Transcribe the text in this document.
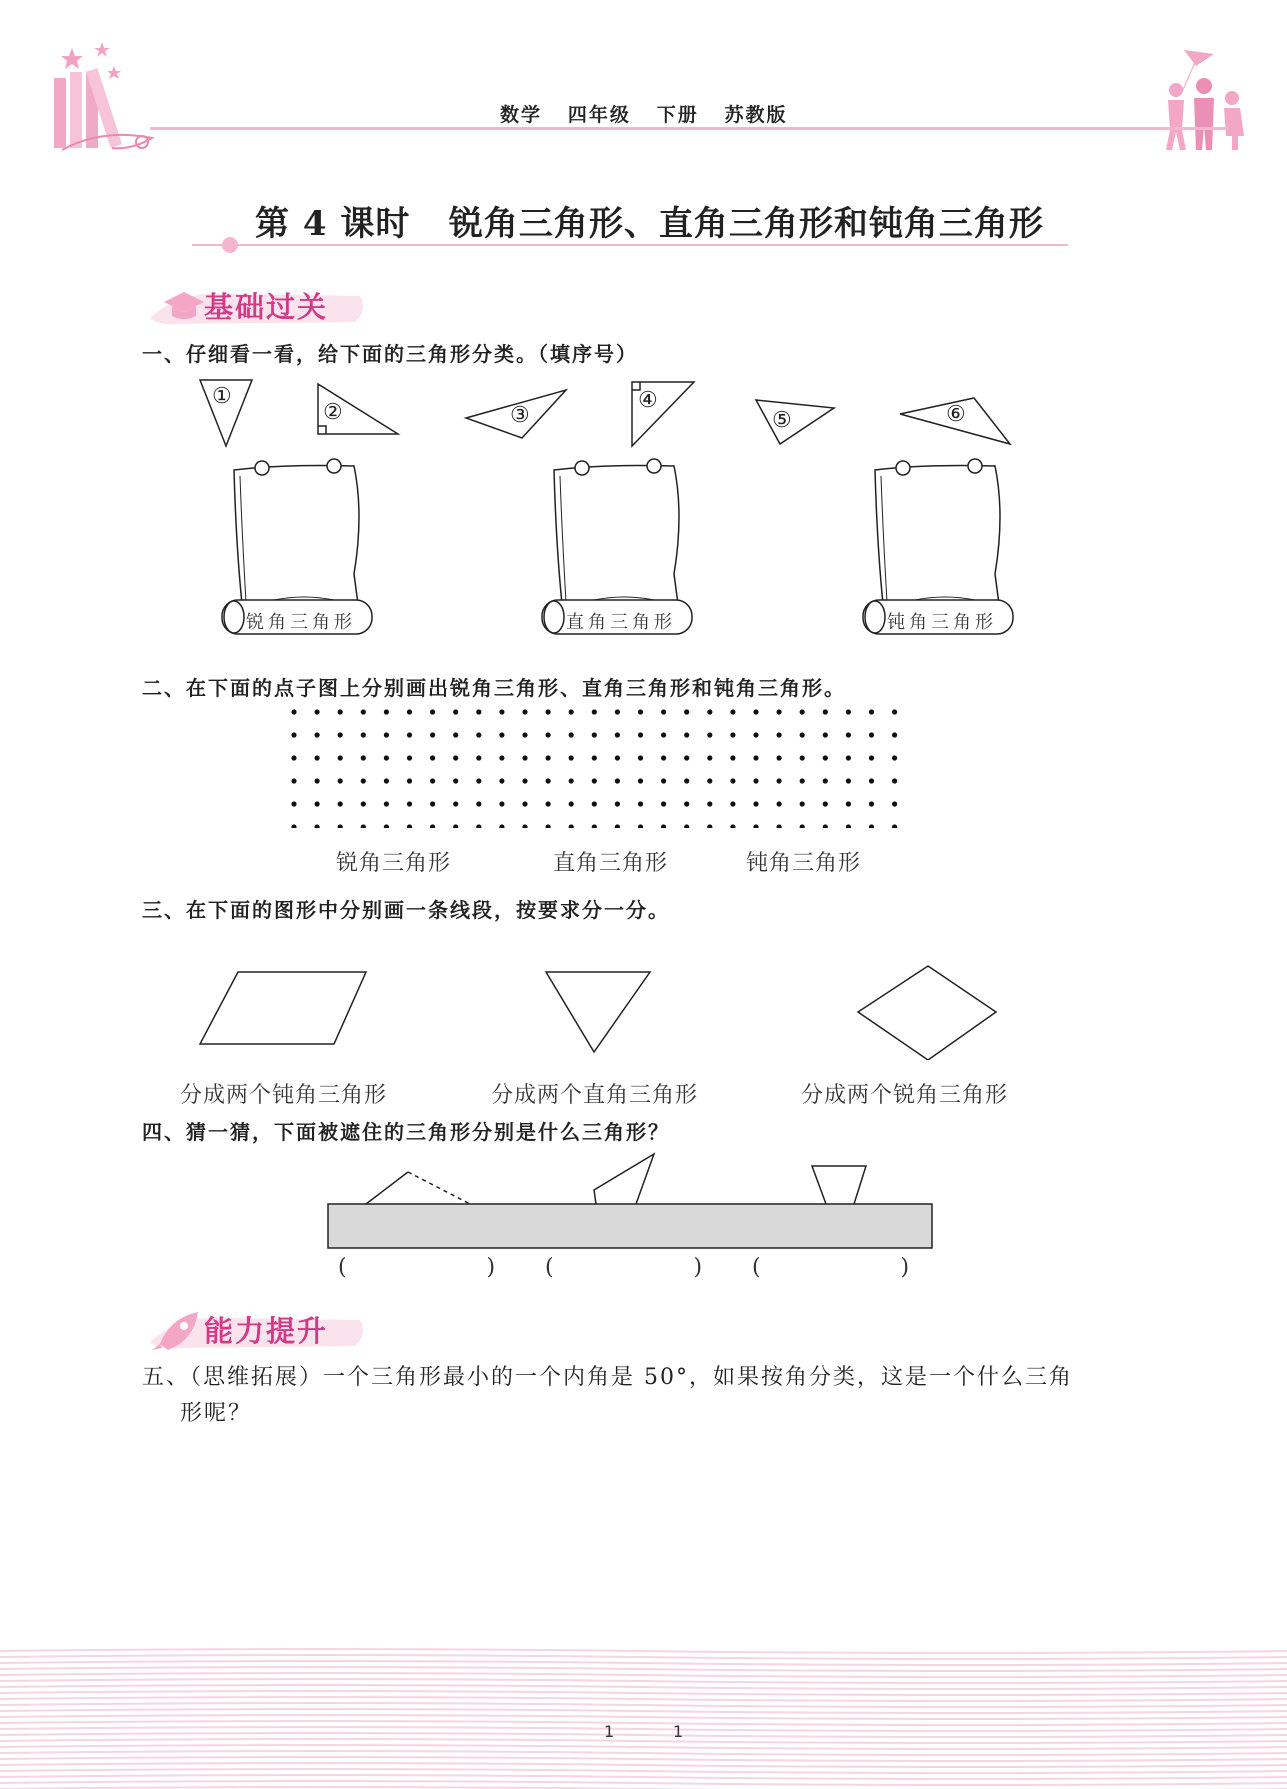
数学   四年级   下册   苏教版
第 4 课时   锐角三角形、直角三角形和钝角三角形
基础过关
一、仔细看一看，给下面的三角形分类。（填序号）
①
②	③
④
⑤	⑥
锐角三角形	直角三角形	钝角三角形
二、在下面的点子图上分别画出锐角三角形、直角三角形和钝角三角形。
锐角三角形	直角三角形	钝角三角形
三、在下面的图形中分别画一条线段，按要求分一分。
分成两个钝角三角形	分成两个直角三角形	分成两个锐角三角形
四、猜一猜，下面被遮住的三角形分别是什么三角形？
(                    ) (                    ) (                    )
能力提升
五、（思维拓展）一个三角形最小的一个内角是 50°，如果按角分类，这是一个什么三角
形呢？
1	1
